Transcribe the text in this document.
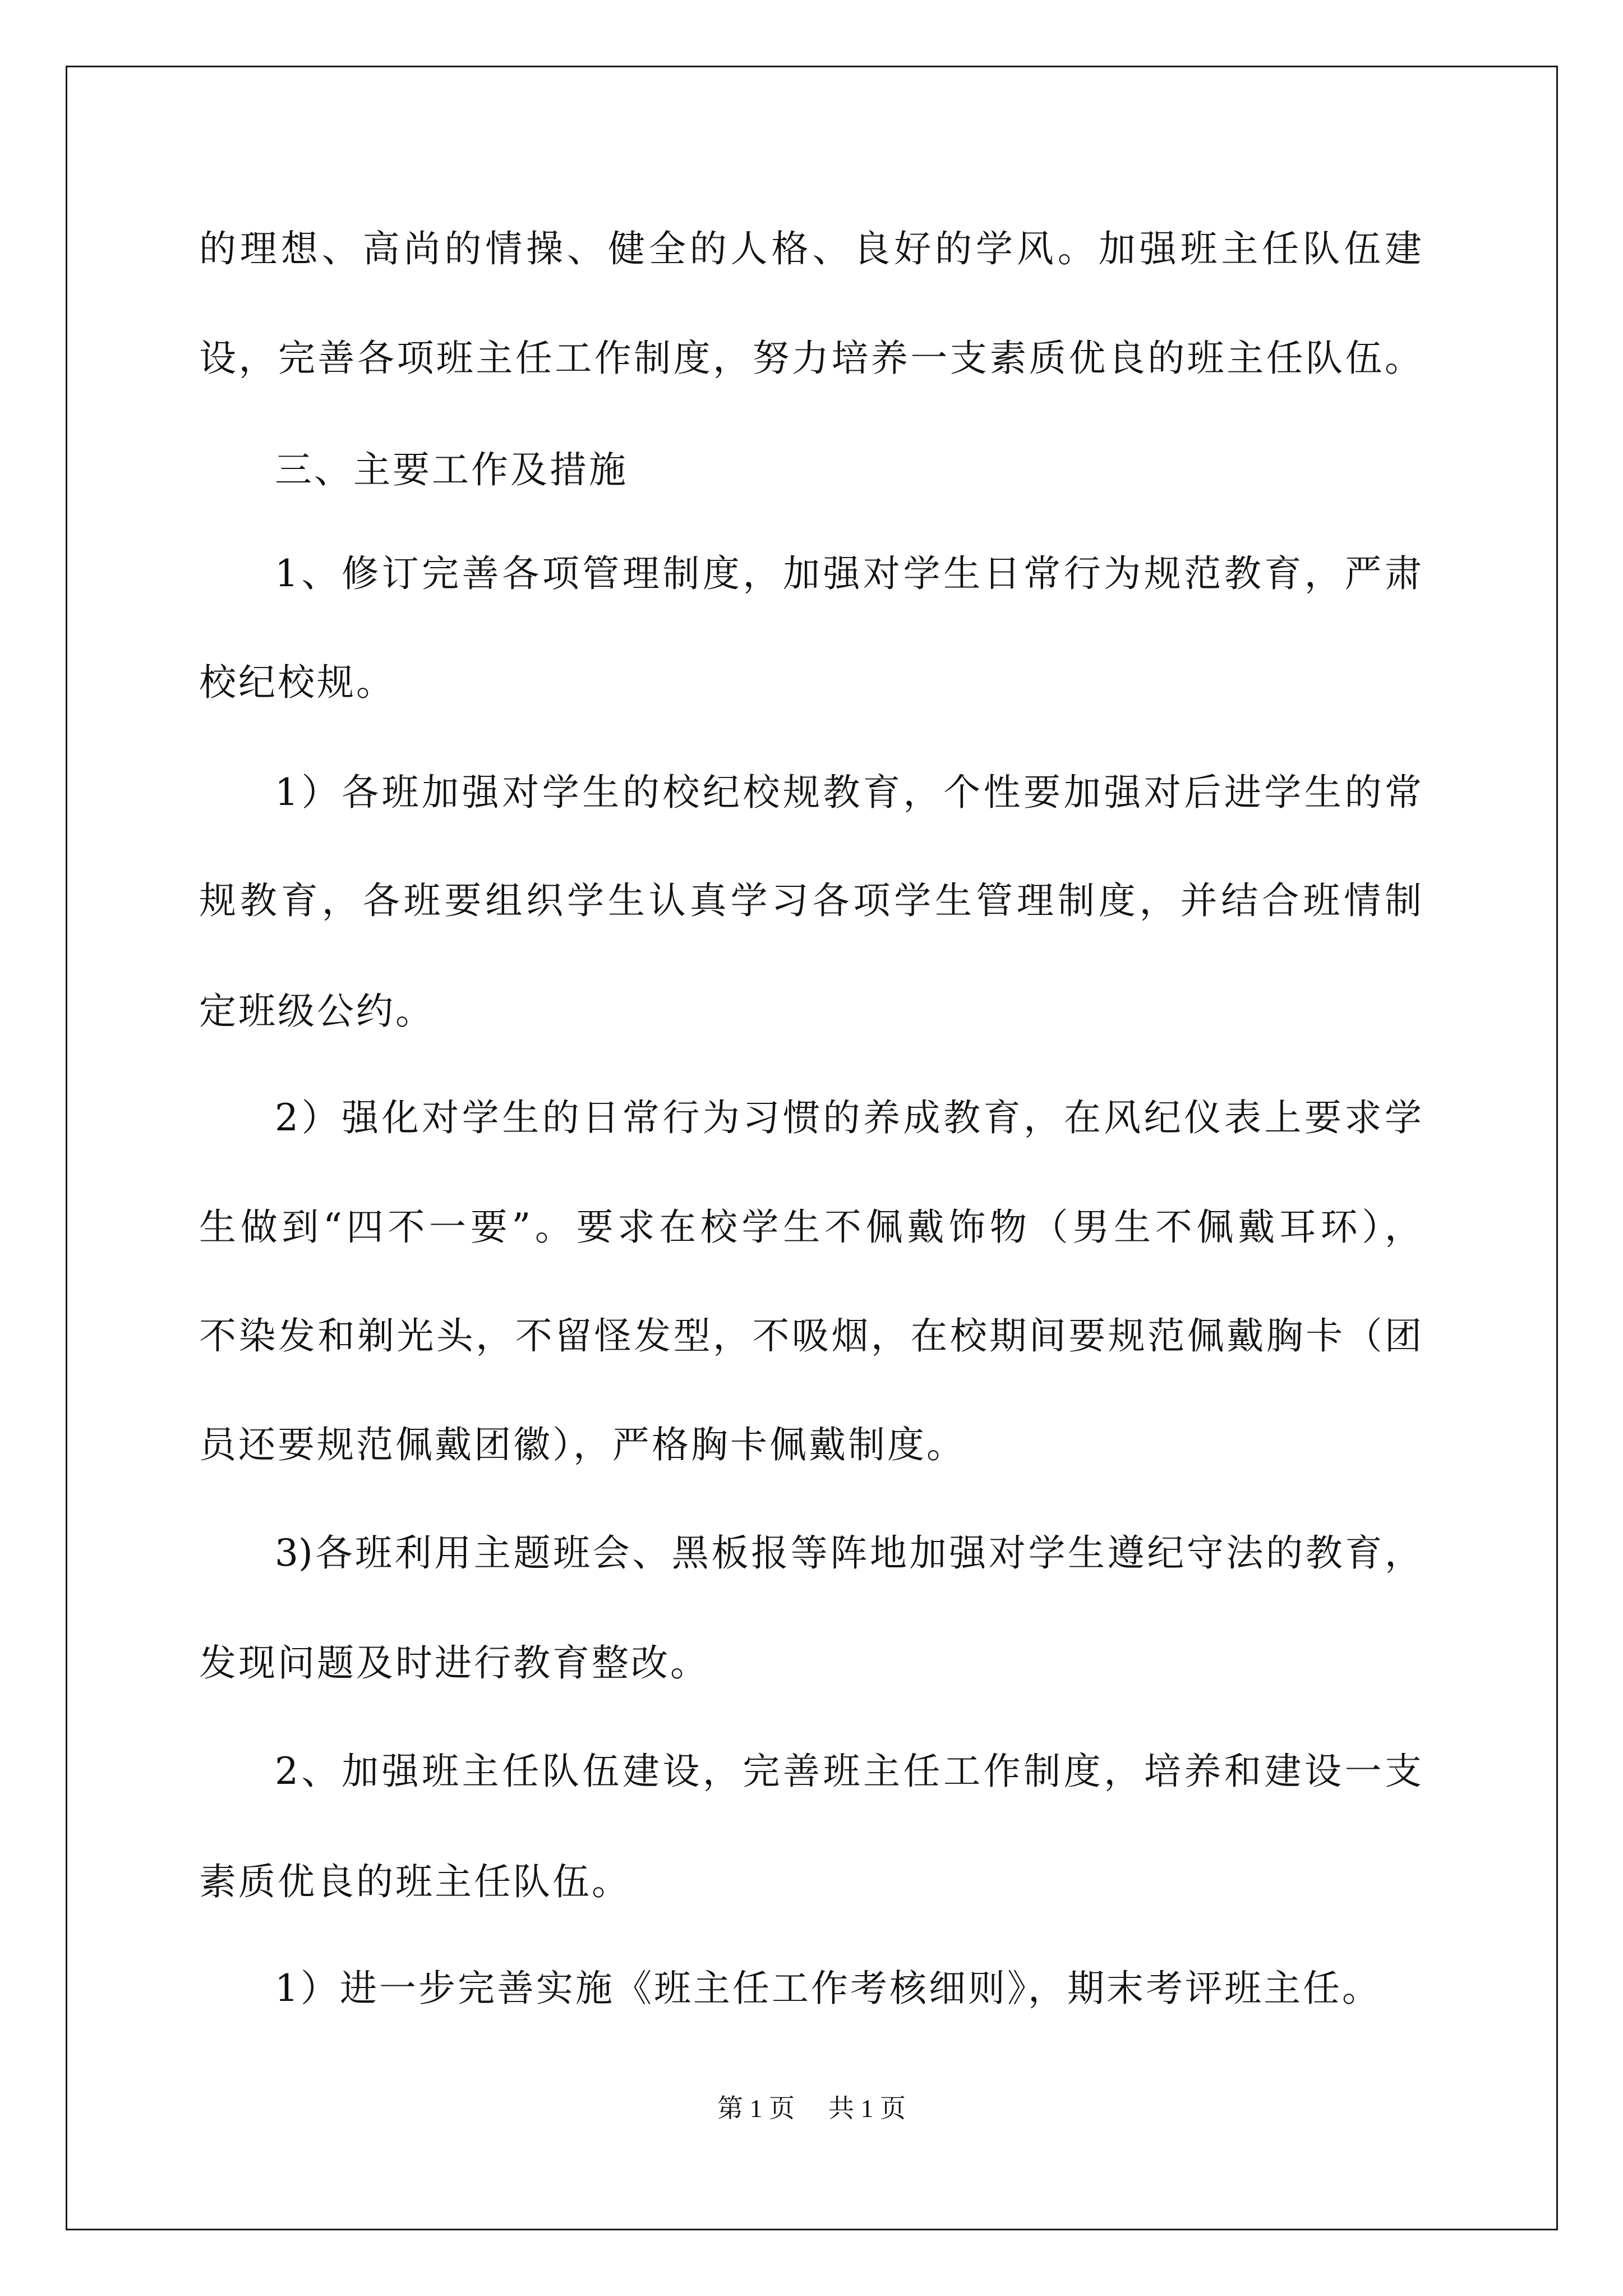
的理想、高尚的情操、健全的人格、良好的学风。加强班主任队伍建
设，完善各项班主任工作制度，努力培养一支素质优良的班主任队伍。
三、主要工作及措施
1、修订完善各项管理制度，加强对学生日常行为规范教育，严肃
校纪校规。
1）各班加强对学生的校纪校规教育，个性要加强对后进学生的常
规教育，各班要组织学生认真学习各项学生管理制度，并结合班情制
定班级公约。
2）强化对学生的日常行为习惯的养成教育，在风纪仪表上要求学
生做到“四不一要”。要求在校学生不佩戴饰物（男生不佩戴耳环），
不染发和剃光头，不留怪发型，不吸烟，在校期间要规范佩戴胸卡（团
员还要规范佩戴团徽），严格胸卡佩戴制度。
3)各班利用主题班会、黑板报等阵地加强对学生遵纪守法的教育，
发现问题及时进行教育整改。
2、加强班主任队伍建设，完善班主任工作制度，培养和建设一支
素质优良的班主任队伍。
1）进一步完善实施《班主任工作考核细则》，期末考评班主任。
第 1 页 共 1 页
